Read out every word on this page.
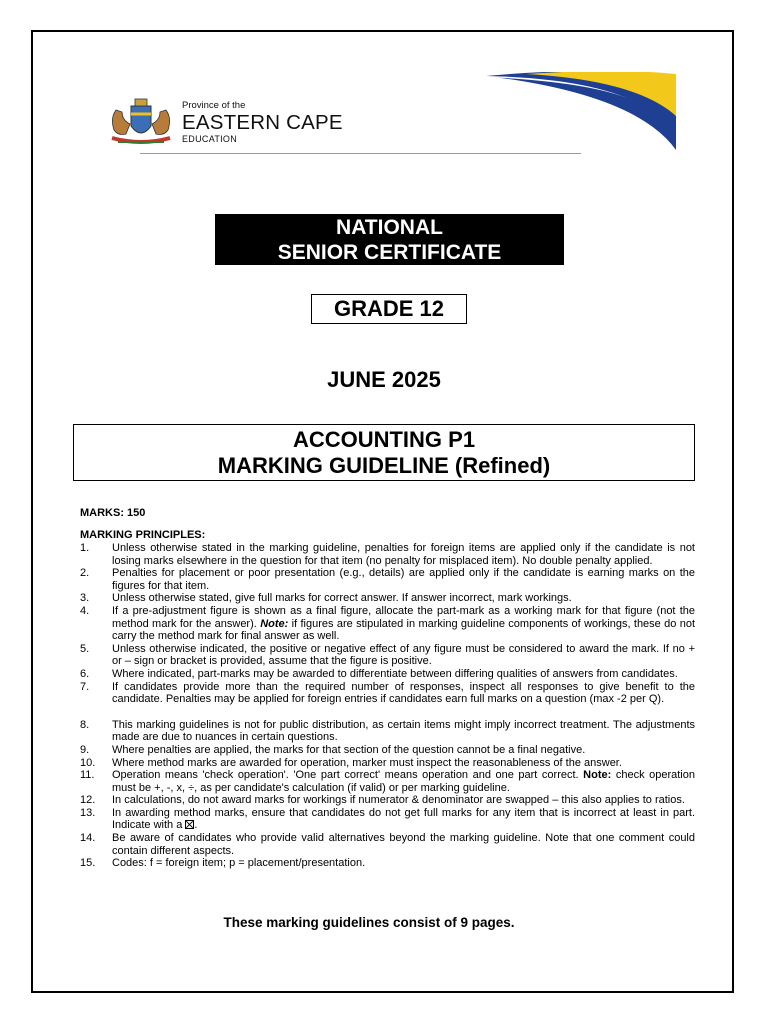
Province of the
EASTERN CAPE
EDUCATION
NATIONAL
SENIOR CERTIFICATE
GRADE 12
JUNE 2025
ACCOUNTING P1
MARKING GUIDELINE (Refined)
MARKS: 150
MARKING PRINCIPLES:
1.	Unless otherwise stated in the marking guideline, penalties for foreign items are applied only if the candidate is not losing marks elsewhere in the question for that item (no penalty for misplaced item). No double penalty applied.
2.	Penalties for placement or poor presentation (e.g., details) are applied only if the candidate is earning marks on the figures for that item.
3.	Unless otherwise stated, give full marks for correct answer. If answer incorrect, mark workings.
4.	If a pre-adjustment figure is shown as a final figure, allocate the part-mark as a working mark for that figure (not the method mark for the answer). Note: if figures are stipulated in marking guideline components of workings, these do not carry the method mark for final answer as well.
5.	Unless otherwise indicated, the positive or negative effect of any figure must be considered to award the mark. If no + or – sign or bracket is provided, assume that the figure is positive.
6.	Where indicated, part-marks may be awarded to differentiate between differing qualities of answers from candidates.
7.	If candidates provide more than the required number of responses, inspect all responses to give benefit to the candidate. Penalties may be applied for foreign entries if candidates earn full marks on a question (max -2 per Q).
8.	This marking guidelines is not for public distribution, as certain items might imply incorrect treatment. The adjustments made are due to nuances in certain questions.
9.	Where penalties are applied, the marks for that section of the question cannot be a final negative.
10.	Where method marks are awarded for operation, marker must inspect the reasonableness of the answer.
11.	Operation means 'check operation'. 'One part correct' means operation and one part correct. Note: check operation must be +, -, x, ÷, as per candidate's calculation (if valid) or per marking guideline.
12.	In calculations, do not award marks for workings if numerator & denominator are swapped – this also applies to ratios.
13.	In awarding method marks, ensure that candidates do not get full marks for any item that is incorrect at least in part. Indicate with a ☒.
14.	Be aware of candidates who provide valid alternatives beyond the marking guideline. Note that one comment could contain different aspects.
15.	Codes: f = foreign item; p = placement/presentation.
These marking guidelines consist of 9 pages.
